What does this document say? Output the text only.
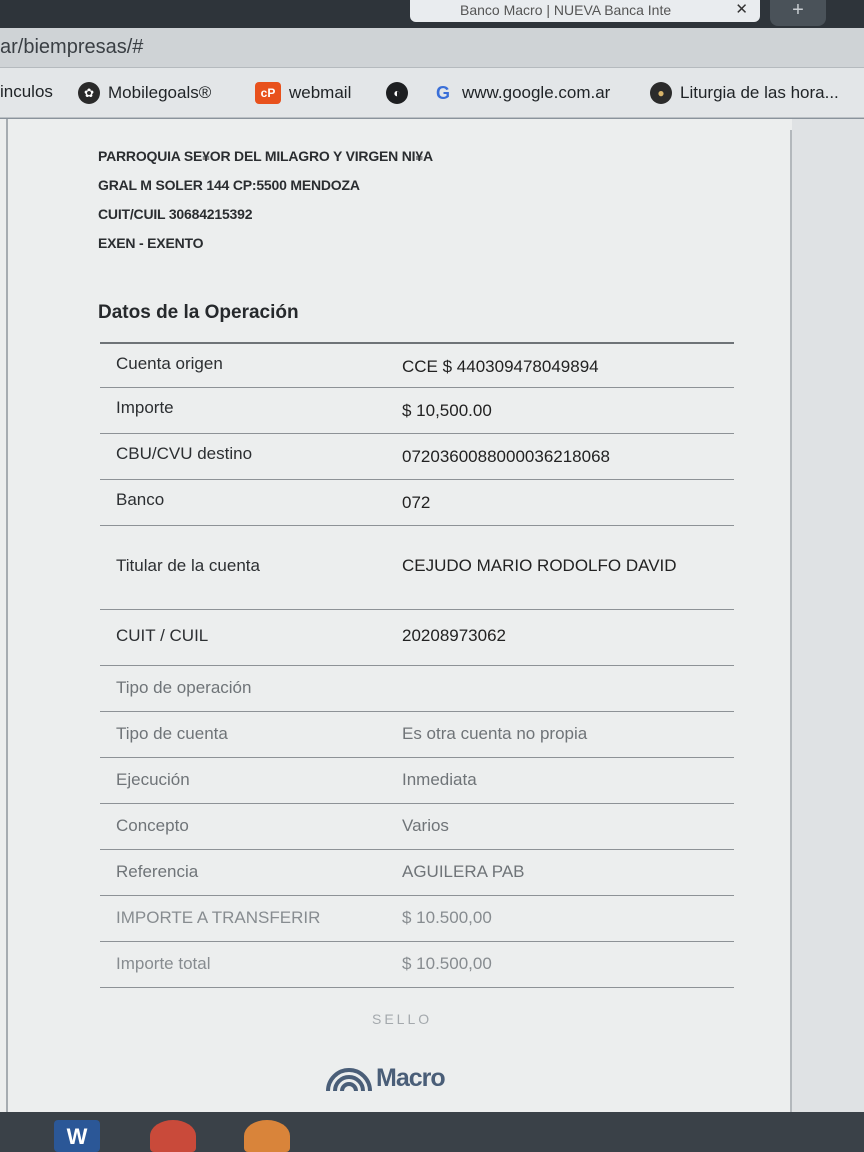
Banco Macro | NUEVA Banca Inte	✕	+
ar/biempresas/#
inculos	✿ Mobilegoals®	cP webmail	◐	G www.google.com.ar	● Liturgia de las hora...
PARROQUIA SE¥OR DEL MILAGRO Y VIRGEN NI¥A
GRAL M SOLER 144 CP:5500 MENDOZA
CUIT/CUIL 30684215392
EXEN - EXENTO
Datos de la Operación
Cuenta origen	CCE $ 440309478049894
Importe	$ 10,500.00
CBU/CVU destino	0720360088000036218068
Banco	072
Titular de la cuenta	CEJUDO MARIO RODOLFO DAVID
CUIT / CUIL	20208973062
Tipo de operación
Tipo de cuenta	Es otra cuenta no propia
Ejecución	Inmediata
Concepto	Varios
Referencia	AGUILERA PAB
IMPORTE A TRANSFERIR	$ 10.500,00
Importe total	$ 10.500,00
SELLO
Macro
W
